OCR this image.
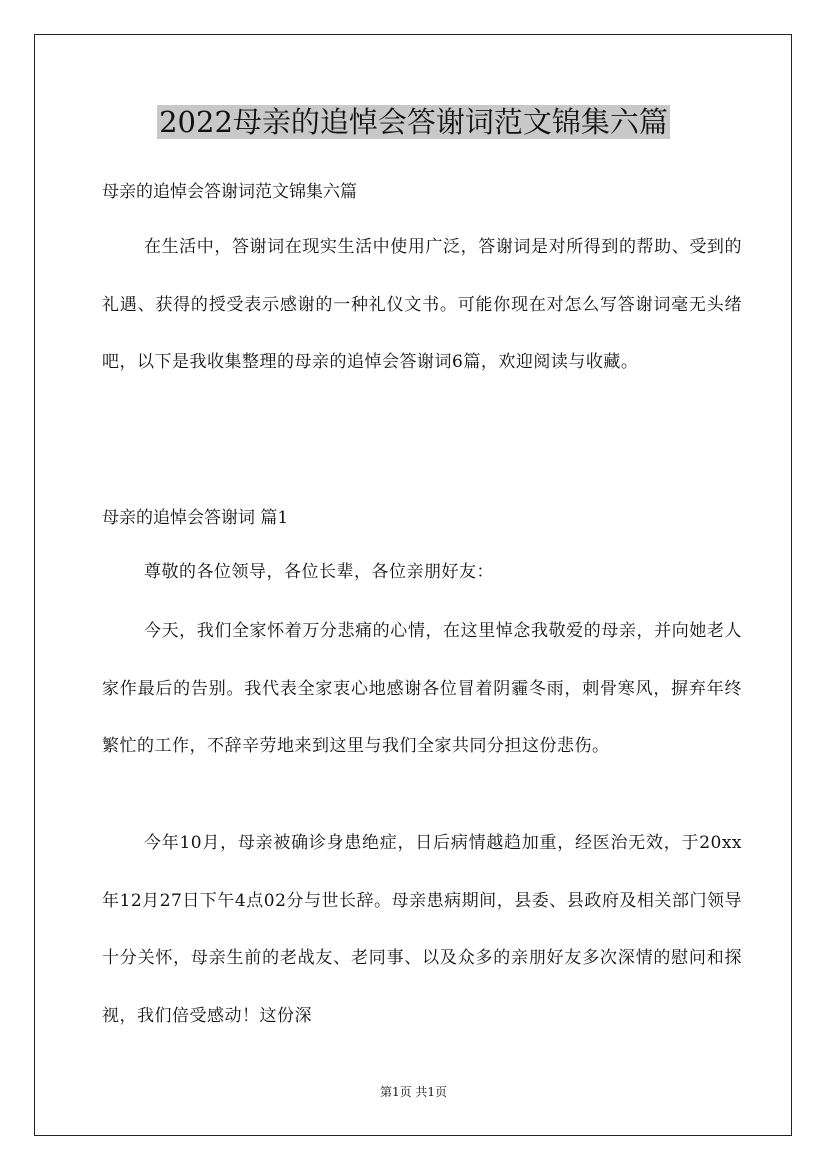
2022母亲的追悼会答谢词范文锦集六篇

母亲的追悼会答谢词范文锦集六篇

在生活中，答谢词在现实生活中使用广泛，答谢词是对所得到的帮助、受到的礼遇、获得的授受表示感谢的一种礼仪文书。可能你现在对怎么写答谢词毫无头绪吧，以下是我收集整理的母亲的追悼会答谢词6篇，欢迎阅读与收藏。

母亲的追悼会答谢词 篇1

尊敬的各位领导，各位长辈，各位亲朋好友：

今天，我们全家怀着万分悲痛的心情，在这里悼念我敬爱的母亲，并向她老人家作最后的告别。我代表全家衷心地感谢各位冒着阴霾冬雨，刺骨寒风，摒弃年终繁忙的工作，不辞辛劳地来到这里与我们全家共同分担这份悲伤。

今年10月，母亲被确诊身患绝症，日后病情越趋加重，经医治无效，于20xx年12月27日下午4点02分与世长辞。母亲患病期间，县委、县政府及相关部门领导十分关怀，母亲生前的老战友、老同事、以及众多的亲朋好友多次深情的慰问和探视，我们倍受感动！这份深

第1页 共1页
